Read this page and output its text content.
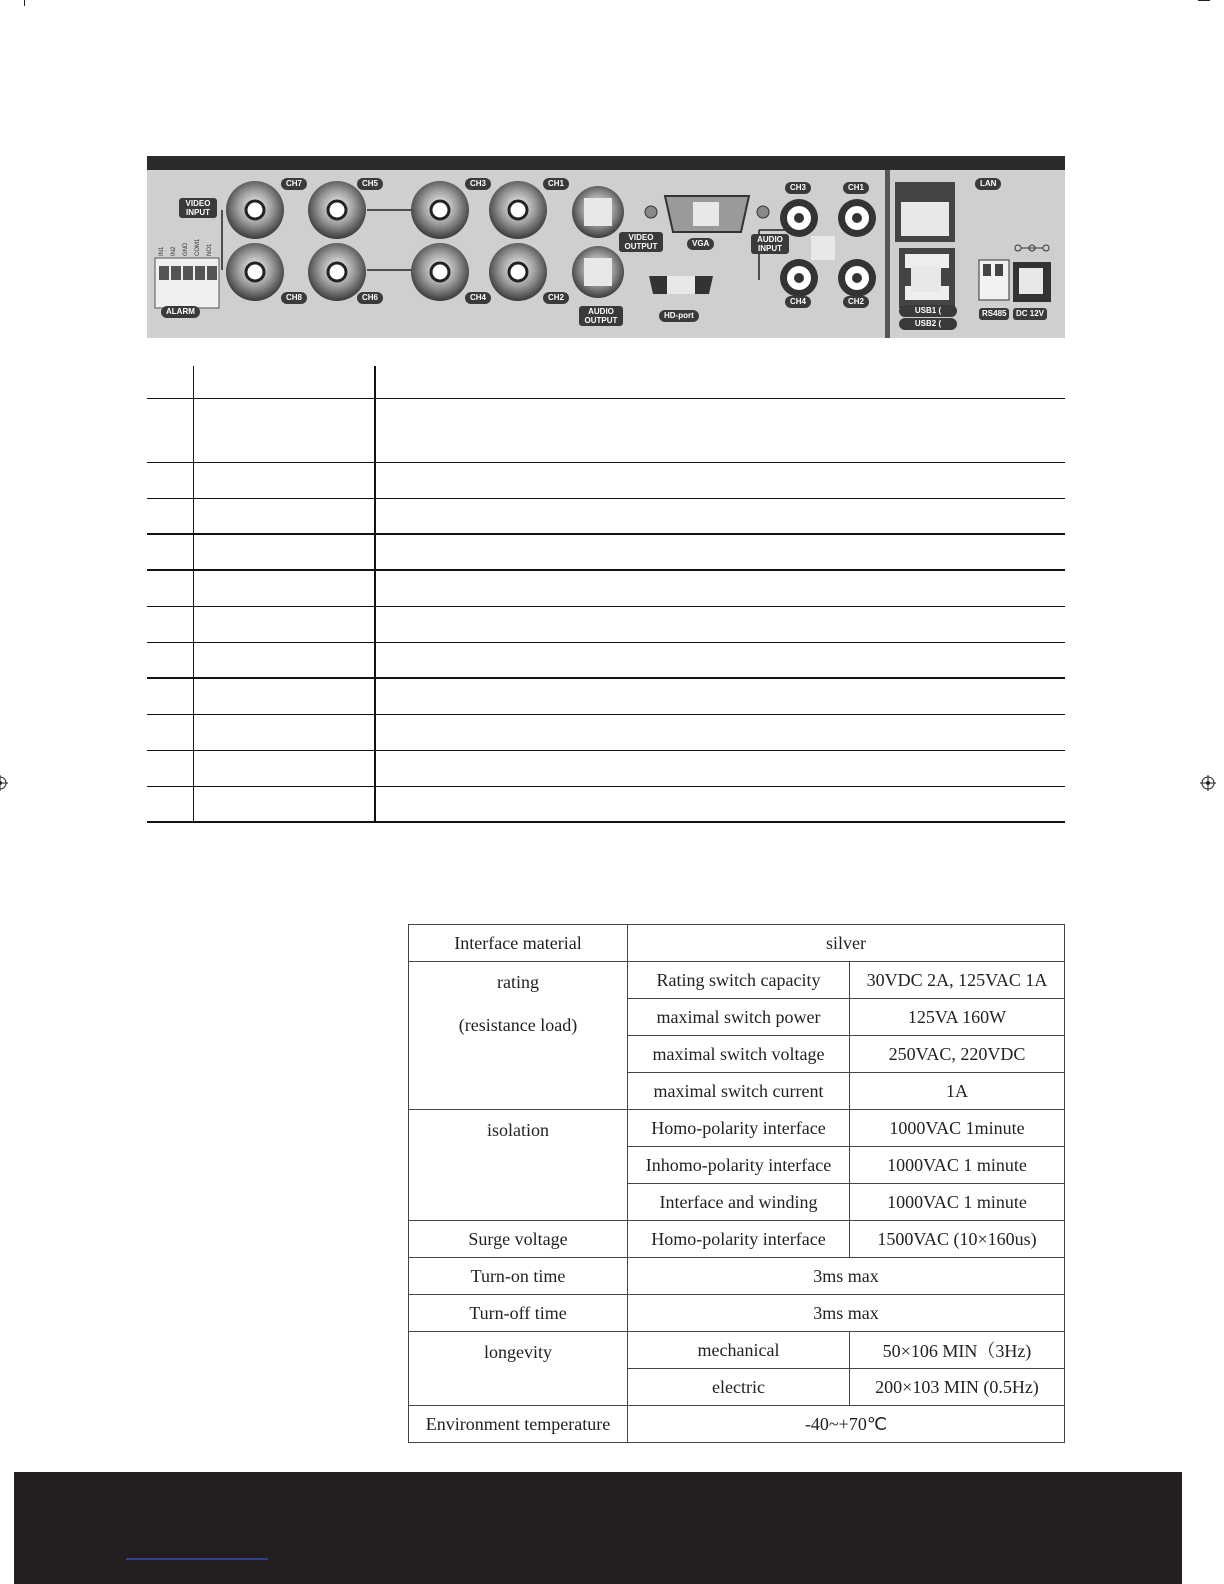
VIDEO INPUT
CH7	CH5	CH3	CH1
CH8	CH6	CH4	CH2
VIDEO OUTPUT
AUDIO OUTPUT
VGA
HD-port
AUDIO INPUT
CH3	CH1
CH4	CH2
LAN
USB1 (
USB2 (
RS485	DC 12V
ALARM
IN1 IN2 GND COM1 NO1

Interface material	silver	

rating
(resistance load)	Rating switch capacity	30VDC 2A, 125VAC 1A
	maximal switch power	125VA 160W
	maximal switch voltage	250VAC, 220VDC
	maximal switch current	1A
isolation	Homo-polarity interface	1000VAC 1minute
	Inhomo-polarity interface	1000VAC 1 minute
	Interface and winding	1000VAC 1 minute
Surge voltage	Homo-polarity interface	1500VAC (10×160us)
Turn-on time	3ms max	
Turn-off time	3ms max	
longevity	mechanical	50×106 MIN（3Hz)
	electric	200×103 MIN (0.5Hz)
Environment temperature	-40~+70℃	
